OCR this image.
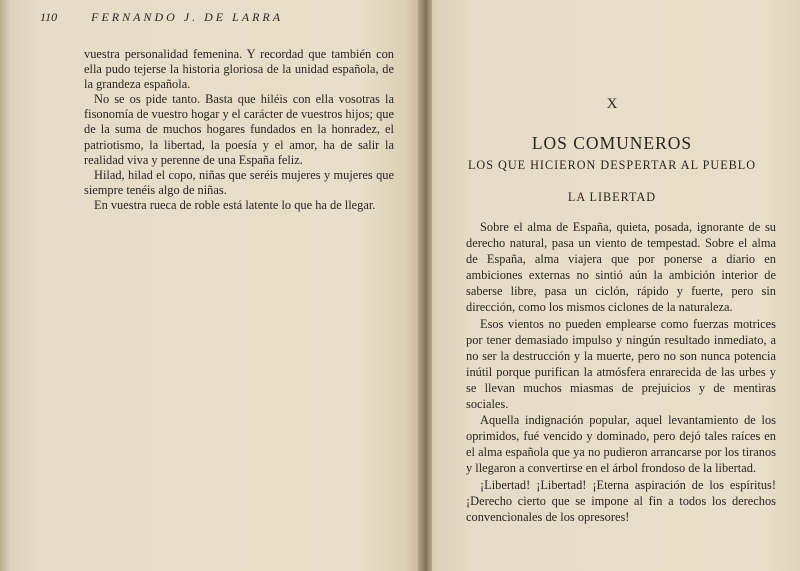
110	FERNANDO J. DE LARRA

vuestra personalidad femenina. Y recordad que también con ella pudo tejerse la historia gloriosa de la unidad española, de la grandeza española.

No se os pide tanto. Basta que hiléis con ella vosotras la fisonomía de vuestro hogar y el carácter de vuestros hijos; que de la suma de muchos hogares fundados en la honradez, el patriotismo, la libertad, la poesía y el amor, ha de salir la realidad viva y perenne de una España feliz.

Hilad, hilad el copo, niñas que seréis mujeres y mujeres que siempre tenéis algo de niñas.

En vuestra rueca de roble está latente lo que ha de llegar.

X
LOS COMUNEROS
LOS QUE HICIERON DESPERTAR AL PUEBLO
LA LIBERTAD

Sobre el alma de España, quieta, posada, ignorante de su derecho natural, pasa un viento de tempestad. Sobre el alma de España, alma viajera que por ponerse a diario en ambiciones externas no sintió aún la ambición interior de saberse libre, pasa un ciclón, rápido y fuerte, pero sin dirección, como los mismos ciclones de la naturaleza.

Esos vientos no pueden emplearse como fuerzas motrices por tener demasiado impulso y ningún resultado inmediato, a no ser la destrucción y la muerte, pero no son nunca potencia inútil porque purifican la atmósfera enrarecida de las urbes y se llevan muchos miasmas de prejuicios y de mentiras sociales.

Aquella indignación popular, aquel levantamiento de los oprimidos, fué vencido y dominado, pero dejó tales raíces en el alma española que ya no pudieron arrancarse por los tiranos y llegaron a convertirse en el árbol frondoso de la libertad.

¡Libertad! ¡Libertad! ¡Eterna aspiración de los espíritus! ¡Derecho cierto que se impone al fin a todos los derechos convencionales de los opresores!
